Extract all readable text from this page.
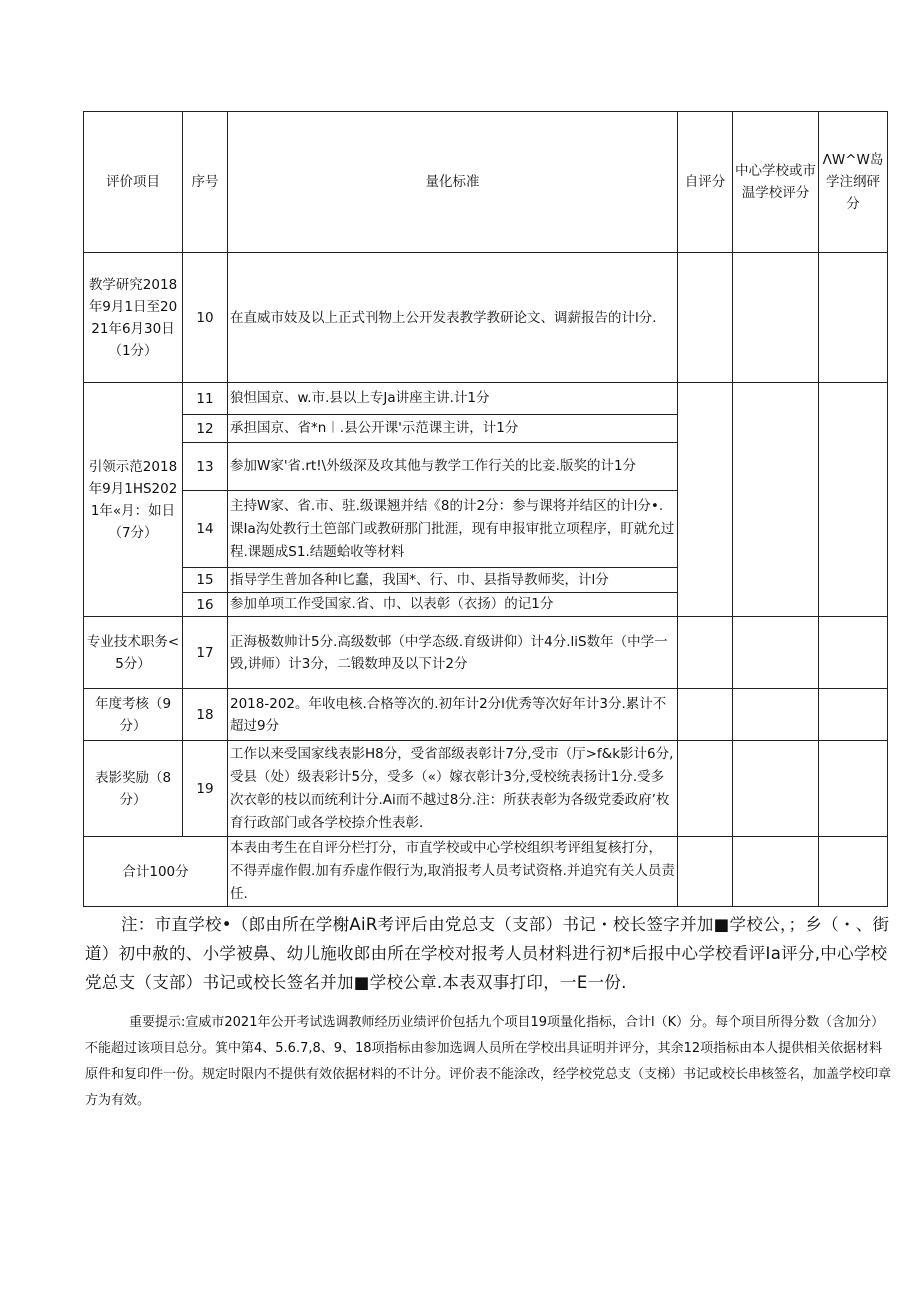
评价项目	序号	量化标准	自评分	中心学校或市温学校评分	ΛW^W岛学注纲砰分
教学研究2018年9月1日至2021年6月30日（1分）	10	在直威市妓及以上正式刊物上公开发表教学教研论文、调薪报告的计l分.			
引领示范2018年9月1HS2021年«月：如日（7分）	11	狼怛国京、w.市.县以上专Ja讲座主讲.计1分			
	12	承担国京、省*n︱.县公开课'示范课主讲，计1分			
	13	参加W家'省.rt!\外级深及攻其他与教学工作行关的比妾.版奖的计1分			
	14	主持W家、省.市、驻.级课翘并结《8的计2分：参与课将并结区的计l分•.课Ia沟处教行土笆部门或教研那门批涯，现有申报审批立项程序，盯就允过程.课题成S1.结题蛤收等材料			
	15	指导学生普加各种l匕蠢，我国*、行、巾、县指导教师奖，计l分			
	16	参加单项工作受国家.省、巾、以表彰（衣扬）的记1分			
专业技术职务<5分）	17	正海极数帅计5分.高级数邨（中学态级.育级讲仰）计4分.liS数年（中学一毁,讲师）计3分，二锻数珅及以下计2分			
年度考核（9分）	18	2018-202。年收电核.合格等次的.初年计2分l优秀等次好年计3分.累计不超过9分			
表影奖励（8分）	19	工作以来受国家线表影H8分，受省部级表彰计7分,受市（厅>f&k影计6分,受县（处）级表彩计5分，受多（«）嫁衣彰计3分,受校统表扬计1分.受多次衣彰的枝以而统利计分.Ai而不越过8分.注：所获表彰为各级党委政府’枚育行政部门或各学校捺介性表彰.			
合计100分		本表由考生在自评分栏打分，市直学校或中心学校组织考评组复核打分，不得弄虚作假.加有乔虚作假行为,取消报考人员考试资格.并追究有关人员责任.			

注：市直学校•（郎由所在学榭AiR考评后由党总支（支部）书记・校长签字并加■学校公，；乡（・、街道）初中赦的、小学被鼻、幼儿施收郎由所在学校对报考人员材料进行初*后报中心学校看评Ia评分,中心学校党总支（支部）书记或校长签名并加■学校公章.本表双事打印，一E一份.

重要提示:宣威市2021年公开考试选调教师经历业绩评价包括九个项目19项量化指标，合计l（K）分。每个项目所得分数（含加分）不能超过该项目总分。箕中第4、5.6.7,8、9、18项指标由参加选调人员所在学校出具证明并评分，其余12项指标由本人提供相关依据材料原件和复印件一份。规定时限内不提供有效依据材料的不计分。评价表不能涂改，经学校党总支（支梯）书记或校长串核签名，加盖学校印章方为有效。
